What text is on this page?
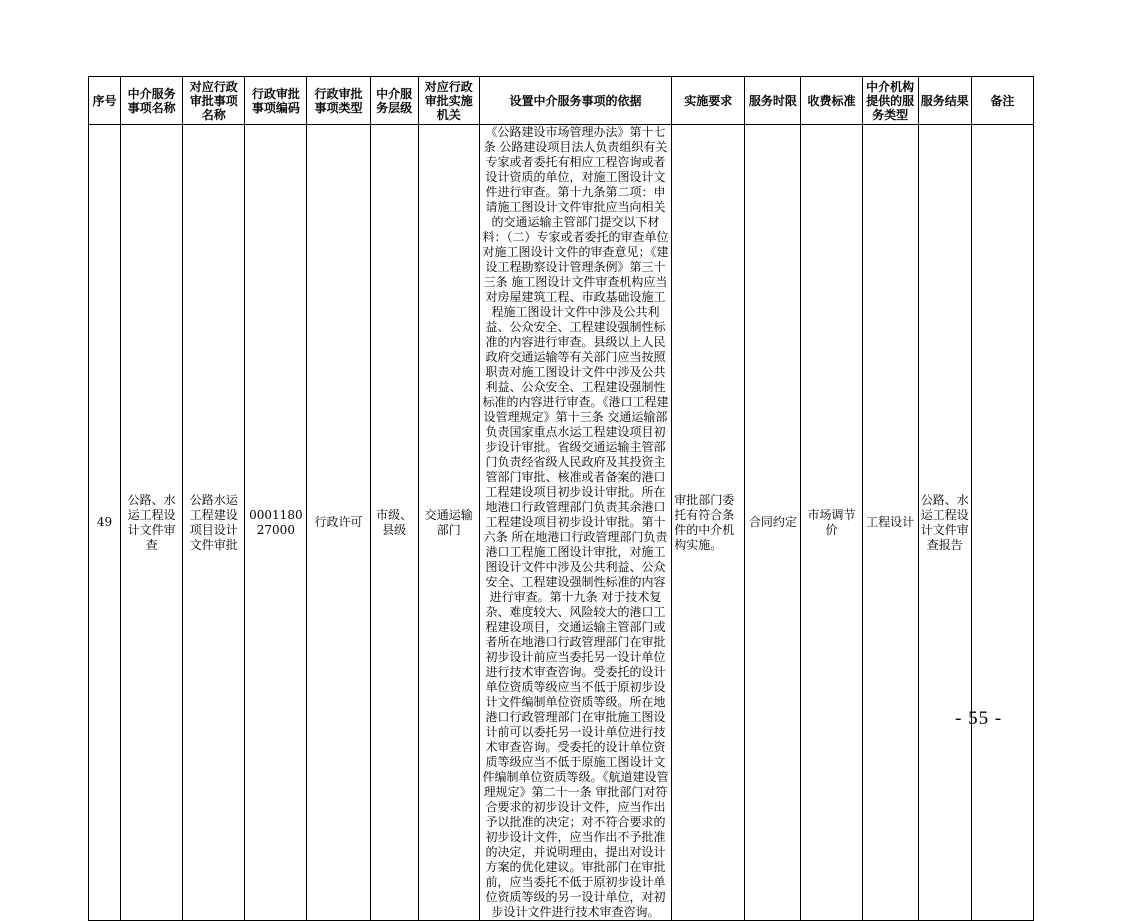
序号	中介服务事项名称	对应行政审批事项名称	行政审批事项编码	行政审批事项类型	中介服务层级	对应行政审批实施机关	设置中介服务事项的依据	实施要求	服务时限	收费标准	中介机构提供的服务类型	服务结果	备注
49	公路、水运工程设计文件审查	公路水运工程建设项目设计文件审批	000118027000	行政许可	市级、县级	交通运输部门	《公路建设市场管理办法》第十七条 公路建设项目法人负责组织有关专家或者委托有相应工程咨询或者设计资质的单位，对施工图设计文件进行审查。第十九条第二项：申请施工图设计文件审批应当向相关的交通运输主管部门提交以下材料：（二）专家或者委托的审查单位对施工图设计文件的审查意见；《建设工程勘察设计管理条例》第三十三条 施工图设计文件审查机构应当对房屋建筑工程、市政基础设施工程施工图设计文件中涉及公共利益、公众安全、工程建设强制性标准的内容进行审查。县级以上人民政府交通运输等有关部门应当按照职责对施工图设计文件中涉及公共利益、公众安全、工程建设强制性标准的内容进行审查。《港口工程建设管理规定》第十三条 交通运输部负责国家重点水运工程建设项目初步设计审批。省级交通运输主管部门负责经省级人民政府及其投资主管部门审批、核准或者备案的港口工程建设项目初步设计审批。所在地港口行政管理部门负责其余港口工程建设项目初步设计审批。第十六条 所在地港口行政管理部门负责港口工程施工图设计审批，对施工图设计文件中涉及公共利益、公众安全、工程建设强制性标准的内容进行审查。第十九条 对于技术复杂、难度较大、风险较大的港口工程建设项目，交通运输主管部门或者所在地港口行政管理部门在审批初步设计前应当委托另一设计单位进行技术审查咨询。受委托的设计单位资质等级应当不低于原初步设计文件编制单位资质等级。所在地港口行政管理部门在审批施工图设计前可以委托另一设计单位进行技术审查咨询。受委托的设计单位资质等级应当不低于原施工图设计文件编制单位资质等级。《航道建设管理规定》第二十一条 审批部门对符合要求的初步设计文件，应当作出予以批准的决定；对不符合要求的初步设计文件，应当作出不予批准的决定，并说明理由，提出对设计方案的优化建议。审批部门在审批前，应当委托不低于原初步设计单位资质等级的另一设计单位，对初步设计文件进行技术审查咨询。	审批部门委托有符合条件的中介机构实施。	合同约定	市场调节价	工程设计	公路、水运工程设计文件审查报告	
- 55 -
